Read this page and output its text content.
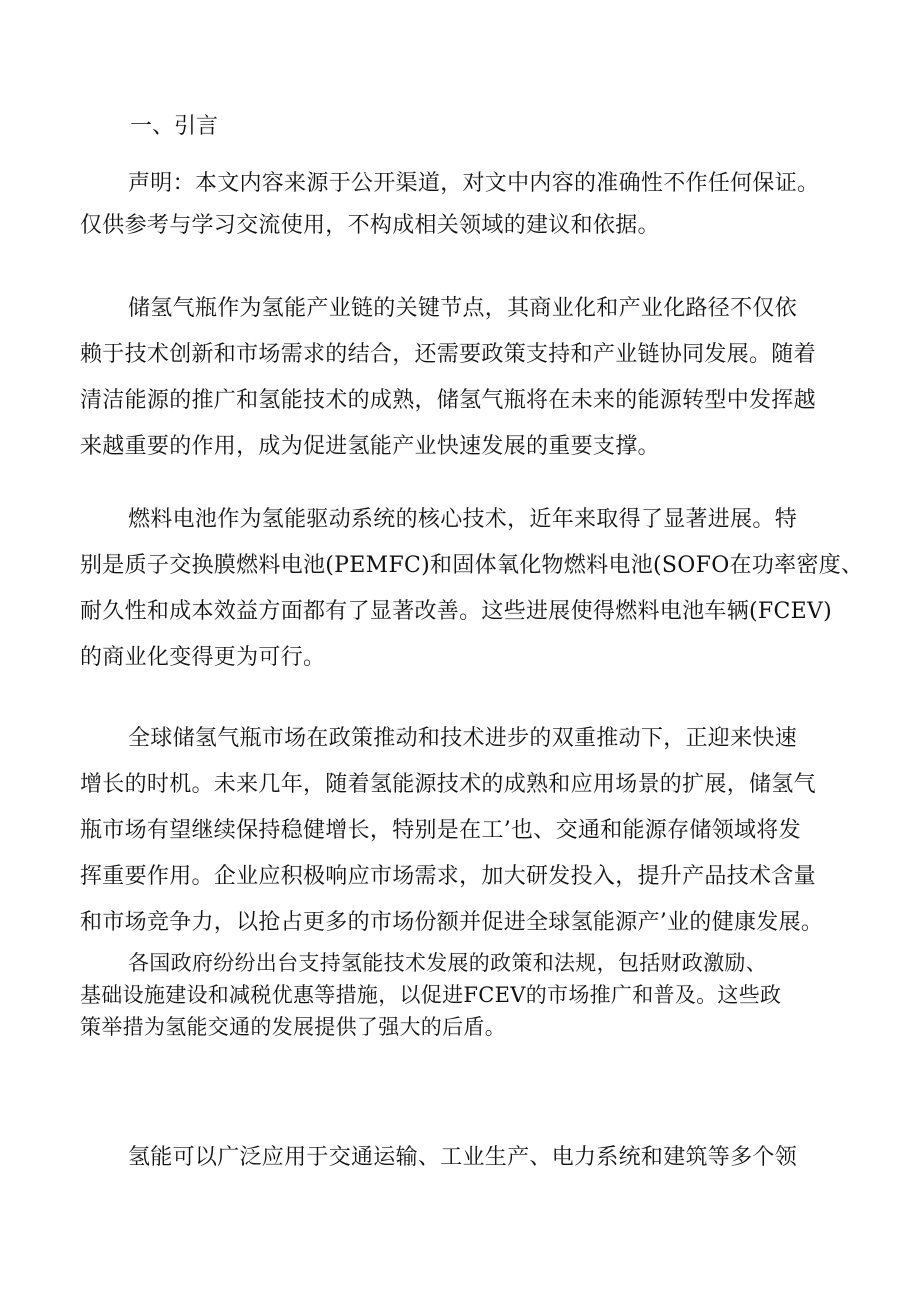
一、引言

声明：本文内容来源于公开渠道，对文中内容的准确性不作任何保证。
仅供参考与学习交流使用，不构成相关领域的建议和依据。

储氢气瓶作为氢能产业链的关键节点，其商业化和产业化路径不仅依
赖于技术创新和市场需求的结合，还需要政策支持和产业链协同发展。随着
清洁能源的推广和氢能技术的成熟，储氢气瓶将在未来的能源转型中发挥越
来越重要的作用，成为促进氢能产业快速发展的重要支撑。

燃料电池作为氢能驱动系统的核心技术，近年来取得了显著进展。特
别是质子交换膜燃料电池(PEMFC)和固体氧化物燃料电池(SOFO在功率密度、
耐久性和成本效益方面都有了显著改善。这些进展使得燃料电池车辆(FCEV)
的商业化变得更为可行。

全球储氢气瓶市场在政策推动和技术进步的双重推动下，正迎来快速
增长的时机。未来几年，随着氢能源技术的成熟和应用场景的扩展，储氢气
瓶市场有望继续保持稳健增长，特别是在工’也、交通和能源存储领域将发
挥重要作用。企业应积极响应市场需求，加大研发投入，提升产品技术含量
和市场竞争力，以抢占更多的市场份额并促进全球氢能源产’业的健康发展。

各国政府纷纷出台支持氢能技术发展的政策和法规，包括财政激励、
基础设施建设和减税优惠等措施，以促进FCEV的市场推广和普及。这些政
策举措为氢能交通的发展提供了强大的后盾。

氢能可以广泛应用于交通运输、工业生产、电力系统和建筑等多个领
